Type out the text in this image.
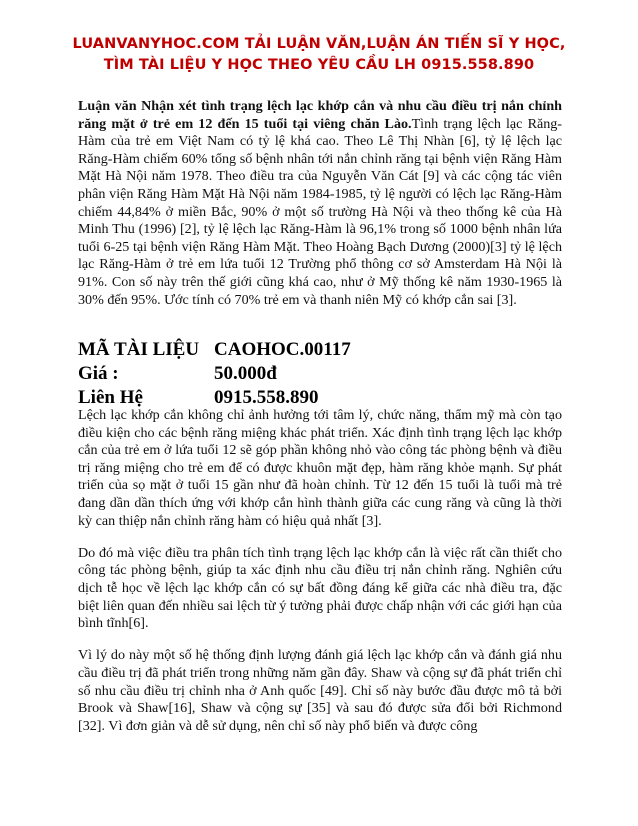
LUANVANYHOC.COM TẢI LUẬN VĂN,LUẬN ÁN TIẾN SĨ Y HỌC,
TÌM TÀI LIỆU Y HỌC THEO YÊU CẦU LH 0915.558.890

Luận văn Nhận xét tình trạng lệch lạc khớp cắn và nhu cầu điều trị nắn chỉnh răng mặt ở trẻ em 12 đến 15 tuổi tại viêng chăn Lào.Tình trạng lệch lạc Răng-Hàm của trẻ em Việt Nam có tỷ lệ khá cao. Theo Lê Thị Nhàn [6], tỷ lệ lệch lạc Răng-Hàm chiếm 60% tổng số bệnh nhân tới nắn chỉnh răng tại bệnh viện Răng Hàm Mặt Hà Nội năm 1978. Theo điều tra của Nguyễn Văn Cát [9] và các cộng tác viên phân viện Răng Hàm Mặt Hà Nội năm 1984-1985, tỷ lệ người có lệch lạc Răng-Hàm chiếm 44,84% ở miền Bắc, 90% ở một số trường Hà Nội và theo thống kê của Hà Minh Thu (1996) [2], tỷ lệ lệch lạc Răng-Hàm là 96,1% trong số 1000 bệnh nhân lứa tuổi 6-25 tại bệnh viện Răng Hàm Mặt. Theo Hoàng Bạch Dương (2000)[3] tỷ lệ lệch lạc Răng-Hàm ở trẻ em lứa tuổi 12 Trường phổ thông cơ sở Amsterdam Hà Nội là 91%. Con số này trên thế giới cũng khá cao, như ở Mỹ thống kê năm 1930-1965 là 30% đến 95%. Ước tính có 70% trẻ em và thanh niên Mỹ có khớp cắn sai [3].

MÃ TÀI LIỆU CAOHOC.00117
Giá :	50.000đ
Liên Hệ	0915.558.890

Lệch lạc khớp cắn không chỉ ảnh hưởng tới tâm lý, chức năng, thẩm mỹ mà còn tạo điều kiện cho các bệnh răng miệng khác phát triển. Xác định tình trạng lệch lạc khớp cắn của trẻ em ở lứa tuổi 12 sẽ góp phần không nhỏ vào công tác phòng bệnh và điều trị răng miệng cho trẻ em để có được khuôn mặt đẹp, hàm răng khỏe mạnh. Sự phát triển của sọ mặt ở tuổi 15 gần như đã hoàn chỉnh. Từ 12 đến 15 tuổi là tuổi mà trẻ đang dần dần thích ứng với khớp cắn hình thành giữa các cung răng và cũng là thời kỳ can thiệp nắn chỉnh răng hàm có hiệu quả nhất [3].

Do đó mà việc điều tra phân tích tình trạng lệch lạc khớp cắn là việc rất cần thiết cho công tác phòng bệnh, giúp ta xác định nhu cầu điều trị nắn chỉnh răng. Nghiên cứu dịch tễ học về lệch lạc khớp cắn có sự bất đồng đáng kể giữa các nhà điều tra, đặc biệt liên quan đến nhiều sai lệch từ ý tưởng phải được chấp nhận với các giới hạn của bình tĩnh[6].

Vì lý do này một số hệ thống định lượng đánh giá lệch lạc khớp cắn và đánh giá nhu cầu điều trị đã phát triển trong những năm gần đây. Shaw và cộng sự đã phát triển chỉ số nhu cầu điều trị chỉnh nha ở Anh quốc [49]. Chỉ số này bước đầu được mô tả bởi Brook và Shaw[16], Shaw và cộng sự [35] và sau đó được sửa đổi bởi Richmond [32]. Vì đơn giản và dễ sử dụng, nên chỉ số này phổ biến và được công
